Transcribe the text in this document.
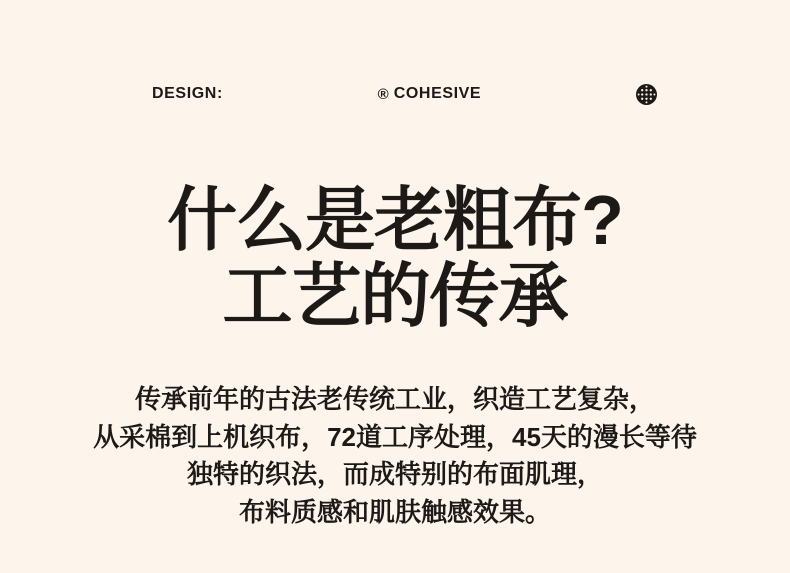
DESIGN:	® COHESIVE
什么是老粗布?
工艺的传承
传承前年的古法老传统工业，织造工艺复杂，
从采棉到上机织布，72道工序处理，45天的漫长等待
独特的织法，而成特别的布面肌理，
布料质感和肌肤触感效果。
